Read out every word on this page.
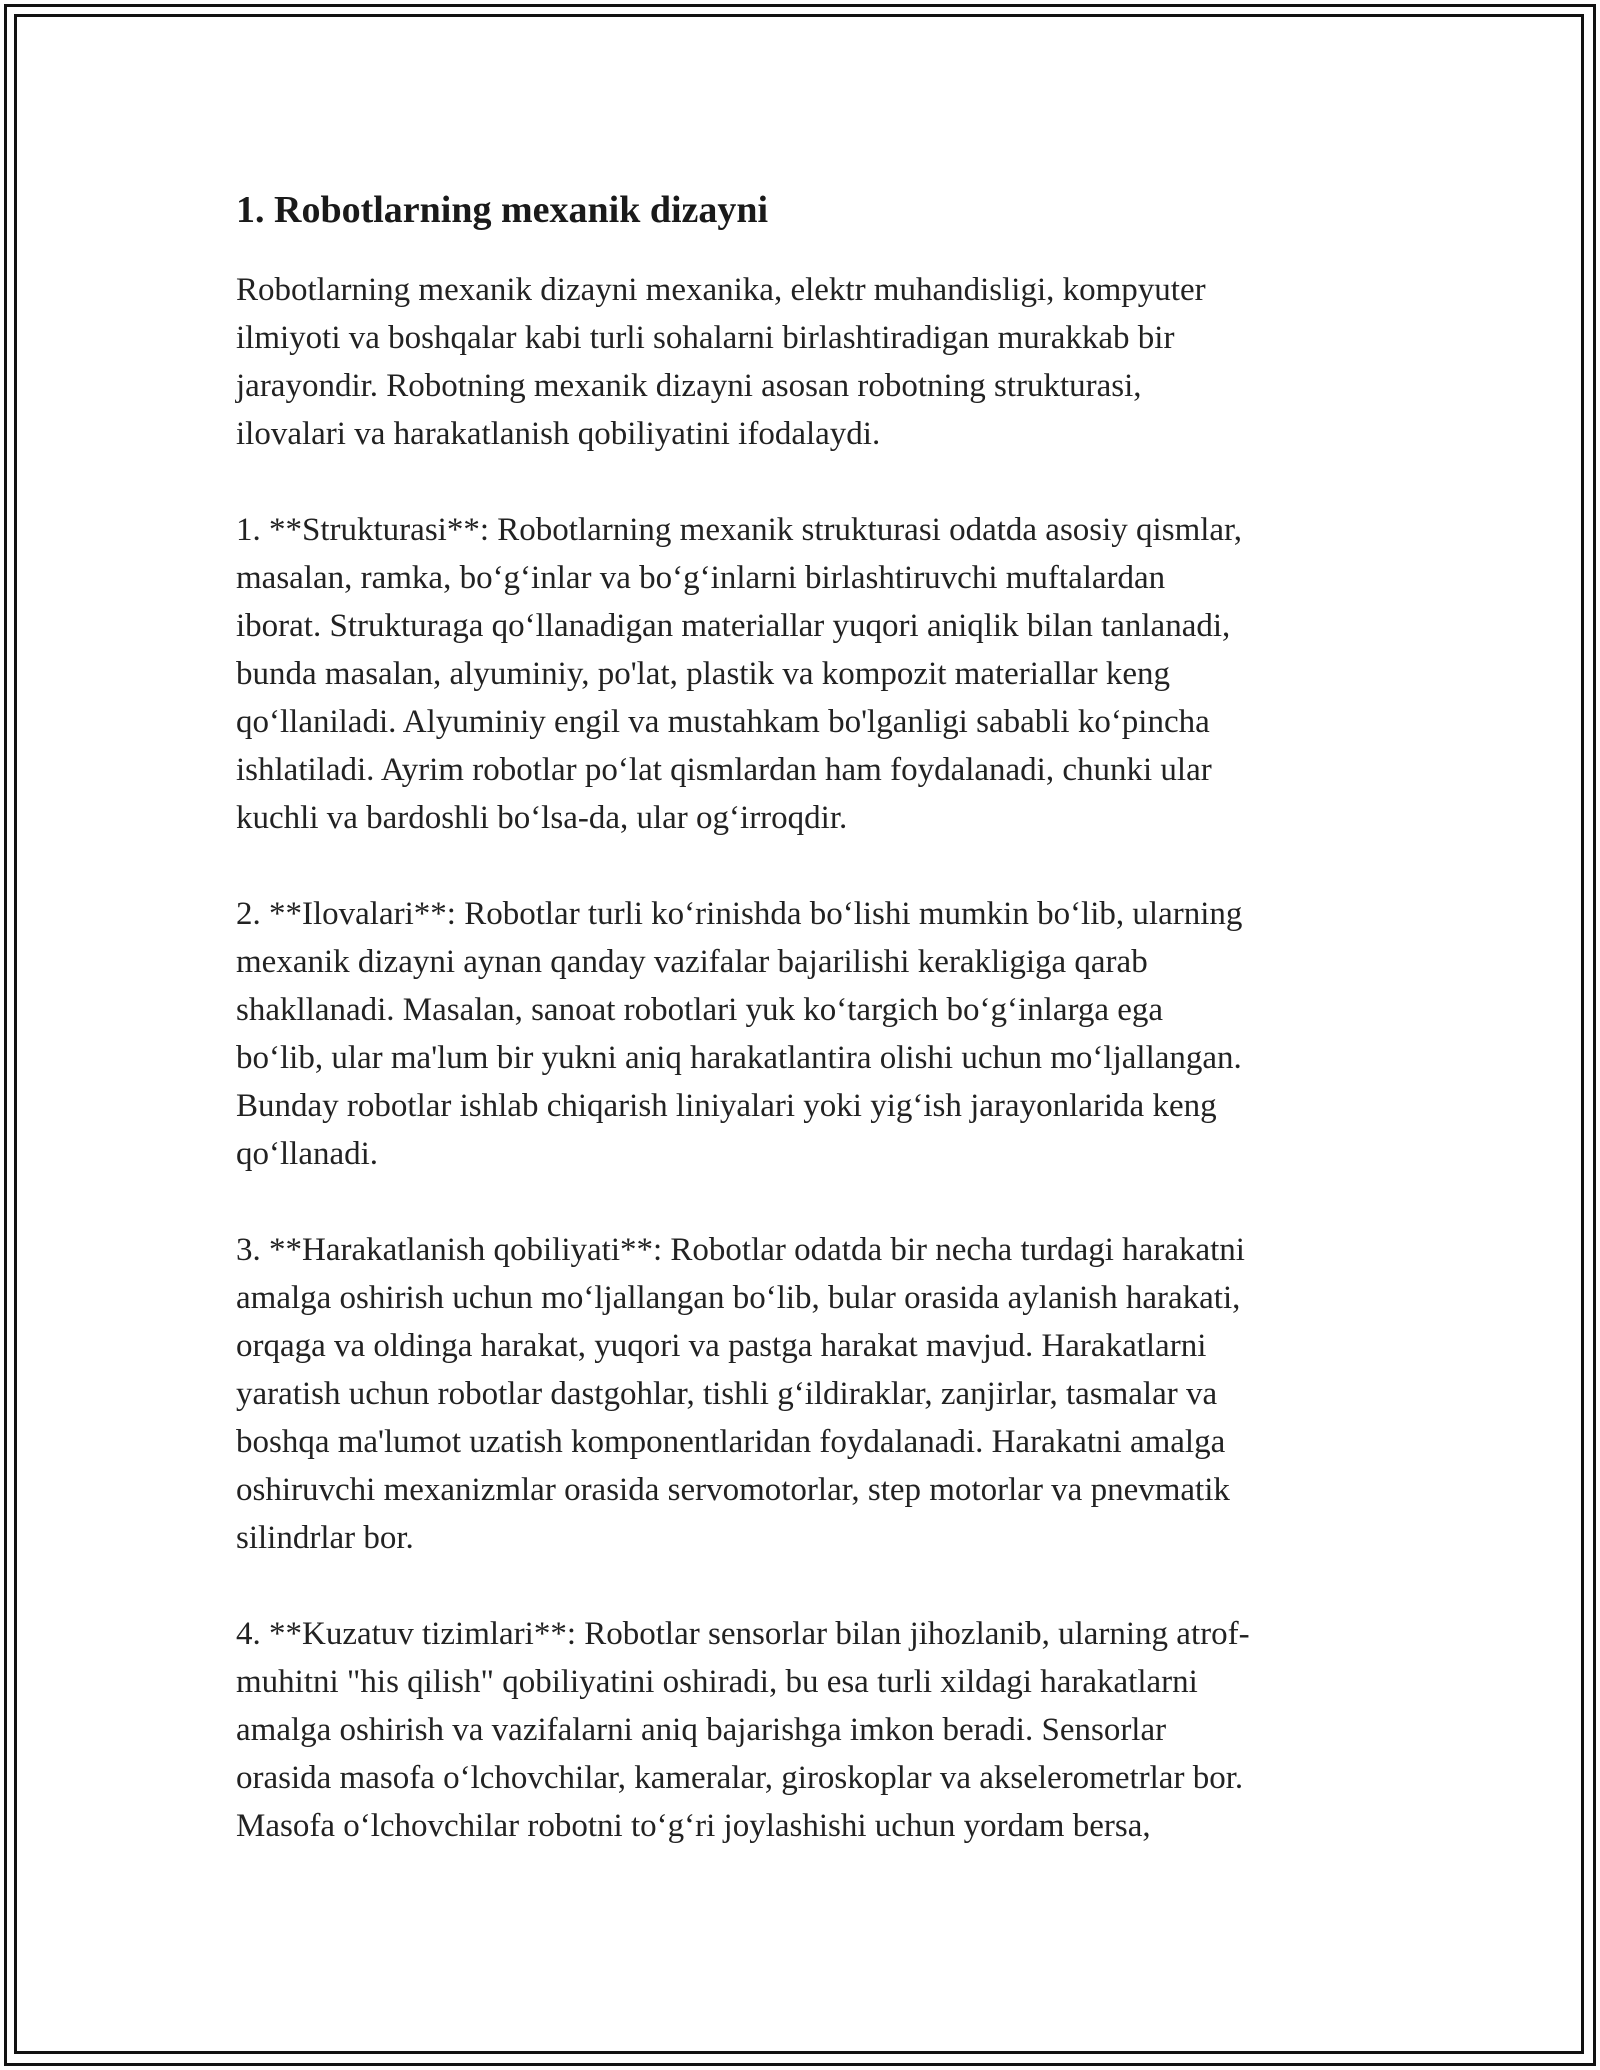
1. Robotlarning mexanik dizayni

Robotlarning mexanik dizayni mexanika, elektr muhandisligi, kompyuter
ilmiyoti va boshqalar kabi turli sohalarni birlashtiradigan murakkab bir
jarayondir. Robotning mexanik dizayni asosan robotning strukturasi,
ilovalari va harakatlanish qobiliyatini ifodalaydi.

1. **Strukturasi**: Robotlarning mexanik strukturasi odatda asosiy qismlar,
masalan, ramka, bo‘g‘inlar va bo‘g‘inlarni birlashtiruvchi muftalardan
iborat. Strukturaga qo‘llanadigan materiallar yuqori aniqlik bilan tanlanadi,
bunda masalan, alyuminiy, po'lat, plastik va kompozit materiallar keng
qo‘llaniladi. Alyuminiy engil va mustahkam bo'lganligi sababli ko‘pincha
ishlatiladi. Ayrim robotlar po‘lat qismlardan ham foydalanadi, chunki ular
kuchli va bardoshli bo‘lsa-da, ular og‘irroqdir.

2. **Ilovalari**: Robotlar turli ko‘rinishda bo‘lishi mumkin bo‘lib, ularning
mexanik dizayni aynan qanday vazifalar bajarilishi kerakligiga qarab
shakllanadi. Masalan, sanoat robotlari yuk ko‘targich bo‘g‘inlarga ega
bo‘lib, ular ma'lum bir yukni aniq harakatlantira olishi uchun mo‘ljallangan.
Bunday robotlar ishlab chiqarish liniyalari yoki yig‘ish jarayonlarida keng
qo‘llanadi.

3. **Harakatlanish qobiliyati**: Robotlar odatda bir necha turdagi harakatni
amalga oshirish uchun mo‘ljallangan bo‘lib, bular orasida aylanish harakati,
orqaga va oldinga harakat, yuqori va pastga harakat mavjud. Harakatlarni
yaratish uchun robotlar dastgohlar, tishli g‘ildiraklar, zanjirlar, tasmalar va
boshqa ma'lumot uzatish komponentlaridan foydalanadi. Harakatni amalga
oshiruvchi mexanizmlar orasida servomotorlar, step motorlar va pnevmatik
silindrlar bor.

4. **Kuzatuv tizimlari**: Robotlar sensorlar bilan jihozlanib, ularning atrof-
muhitni "his qilish" qobiliyatini oshiradi, bu esa turli xildagi harakatlarni
amalga oshirish va vazifalarni aniq bajarishga imkon beradi. Sensorlar
orasida masofa o‘lchovchilar, kameralar, giroskoplar va akselerometrlar bor.
Masofa o‘lchovchilar robotni to‘g‘ri joylashishi uchun yordam bersa,
